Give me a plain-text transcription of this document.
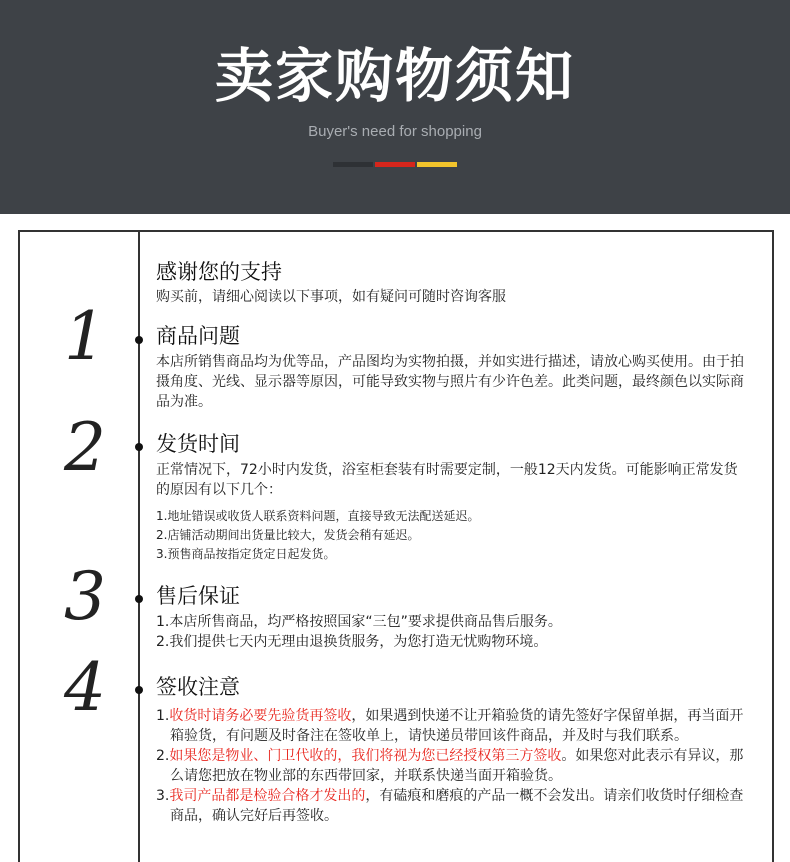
卖家购物须知
Buyer's need for shopping
感谢您的支持
购买前，请细心阅读以下事项，如有疑问可随时咨询客服
1	商品问题
本店所销售商品均为优等品，产品图均为实物拍摄，并如实进行描述，请放心购买使用。由于拍摄角度、光线、显示器等原因，可能导致实物与照片有少许色差。此类问题，最终颜色以实际商品为准。
2	发货时间
正常情况下，72小时内发货，浴室柜套装有时需要定制，一般12天内发货。可能影响正常发货的原因有以下几个：
1.地址错误或收货人联系资料问题，直接导致无法配送延迟。
2.店铺活动期间出货量比较大，发货会稍有延迟。
3.预售商品按指定货定日起发货。
3	售后保证
1.本店所售商品，均严格按照国家“三包”要求提供商品售后服务。
2.我们提供七天内无理由退换货服务，为您打造无忧购物环境。
4	签收注意
1.收货时请务必要先验货再签收，如果遇到快递不让开箱验货的请先签好字保留单据，再当面开箱验货，有问题及时备注在签收单上，请快递员带回该件商品，并及时与我们联系。
2.如果您是物业、门卫代收的，我们将视为您已经授权第三方签收。如果您对此表示有异议，那么请您把放在物业部的东西带回家，并联系快递当面开箱验货。
3.我司产品都是检验合格才发出的，有磕痕和磨痕的产品一概不会发出。请亲们收货时仔细检查商品，确认完好后再签收。
